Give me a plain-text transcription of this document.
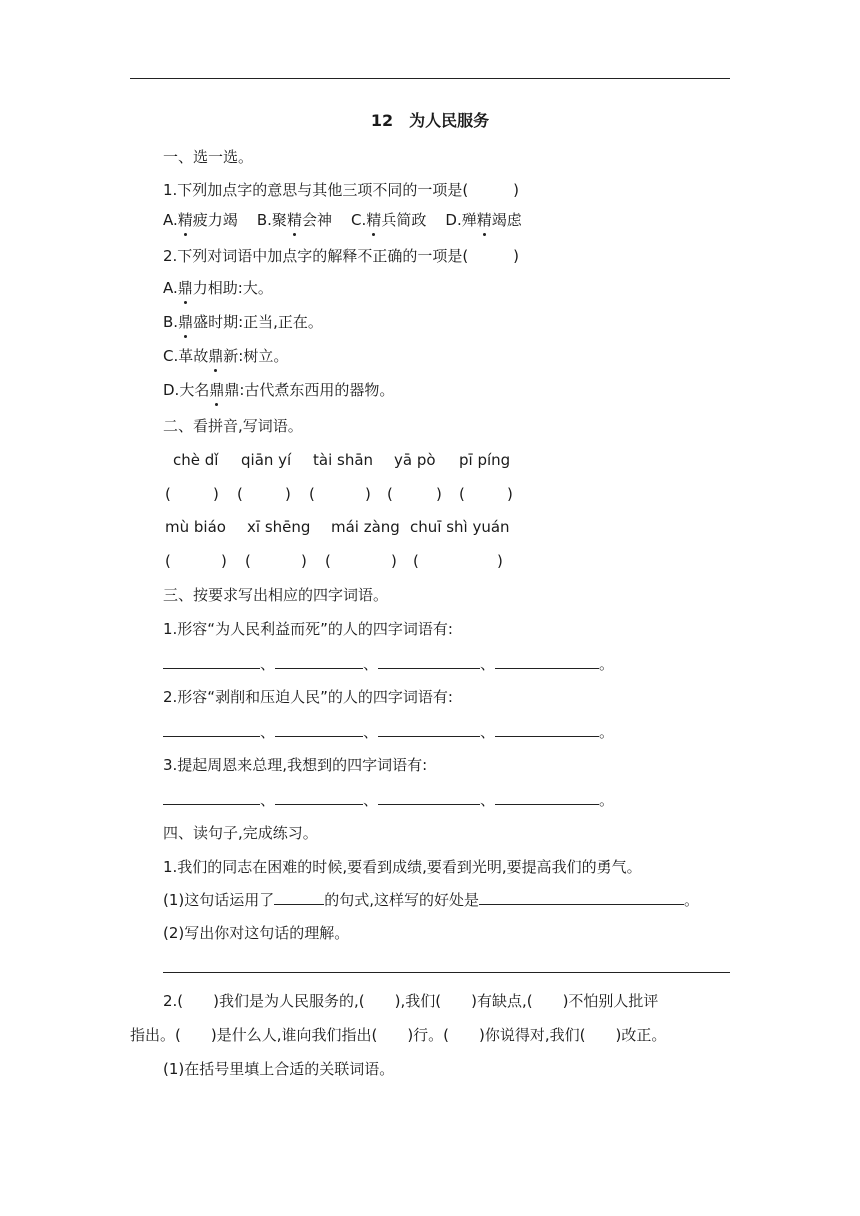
12　为人民服务
一、选一选。
1.下列加点字的意思与其他三项不同的一项是(　　　)
A.精疲力竭 B.聚精会神 C.精兵简政 D.殚精竭虑
2.下列对词语中加点字的解释不正确的一项是(　　　)
A.鼎力相助:大。
B.鼎盛时期:正当,正在。
C.革故鼎新:树立。
D.大名鼎鼎:古代煮东西用的器物。
二、看拼音,写词语。
chè dǐ qiān yí tài shān yā pò pī píng
(	) (	) (	) (	) (	)
mù biáo xī shēng mái zàng chuī shì yuán
(	) (	) (	) (	)
三、按要求写出相应的四字词语。
1.形容“为人民利益而死”的人的四字词语有:
、	、	、	。
2.形容“剥削和压迫人民”的人的四字词语有:
、	、	、	。
3.提起周恩来总理,我想到的四字词语有:
、	、	、	。
四、读句子,完成练习。
1.我们的同志在困难的时候,要看到成绩,要看到光明,要提高我们的勇气。
(1)这句话运用了	的句式,这样写的好处是	。
(2)写出你对这句话的理解。
2.(　　)我们是为人民服务的,(　　),我们(　　)有缺点,(　　)不怕别人批评
指出。(　　)是什么人,谁向我们指出(　　)行。(　　)你说得对,我们(　　)改正。
(1)在括号里填上合适的关联词语。
